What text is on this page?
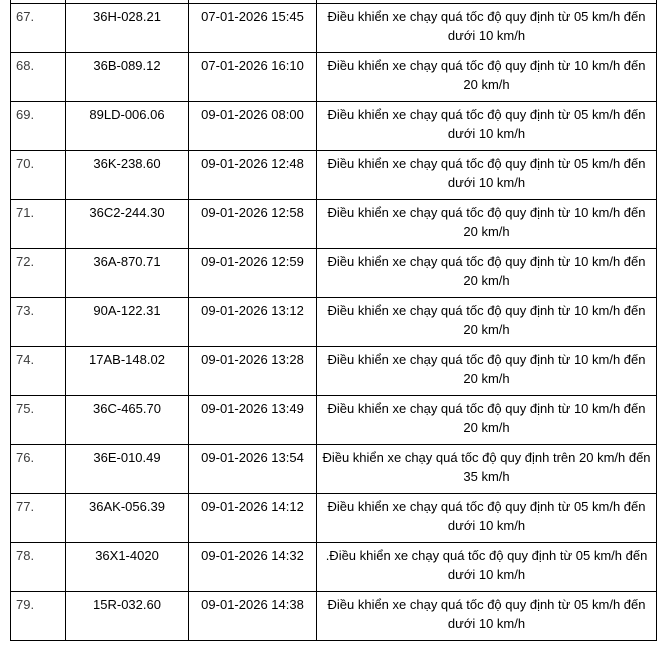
67.	36H-028.21	07-01-2026 15:45	Điều khiển xe chạy quá tốc độ quy định từ 05 km/h đến dưới 10 km/h
68.	36B-089.12	07-01-2026 16:10	Điều khiển xe chạy quá tốc độ quy định từ 10 km/h đến 20 km/h
69.	89LD-006.06	09-01-2026 08:00	Điều khiển xe chạy quá tốc độ quy định từ 05 km/h đến dưới 10 km/h
70.	36K-238.60	09-01-2026 12:48	Điều khiển xe chạy quá tốc độ quy định từ 05 km/h đến dưới 10 km/h
71.	36C2-244.30	09-01-2026 12:58	Điều khiển xe chạy quá tốc độ quy định từ 10 km/h đến 20 km/h
72.	36A-870.71	09-01-2026 12:59	Điều khiển xe chạy quá tốc độ quy định từ 10 km/h đến 20 km/h
73.	90A-122.31	09-01-2026 13:12	Điều khiển xe chạy quá tốc độ quy định từ 10 km/h đến 20 km/h
74.	17AB-148.02	09-01-2026 13:28	Điều khiển xe chạy quá tốc độ quy định từ 10 km/h đến 20 km/h
75.	36C-465.70	09-01-2026 13:49	Điều khiển xe chạy quá tốc độ quy định từ 10 km/h đến 20 km/h
76.	36E-010.49	09-01-2026 13:54	Điều khiển xe chạy quá tốc độ quy định trên 20 km/h đến 35 km/h
77.	36AK-056.39	09-01-2026 14:12	Điều khiển xe chạy quá tốc độ quy định từ 05 km/h đến dưới 10 km/h
78.	36X1-4020	09-01-2026 14:32	.Điều khiển xe chạy quá tốc độ quy định từ 05 km/h đến dưới 10 km/h
79.	15R-032.60	09-01-2026 14:38	Điều khiển xe chạy quá tốc độ quy định từ 05 km/h đến dưới 10 km/h
